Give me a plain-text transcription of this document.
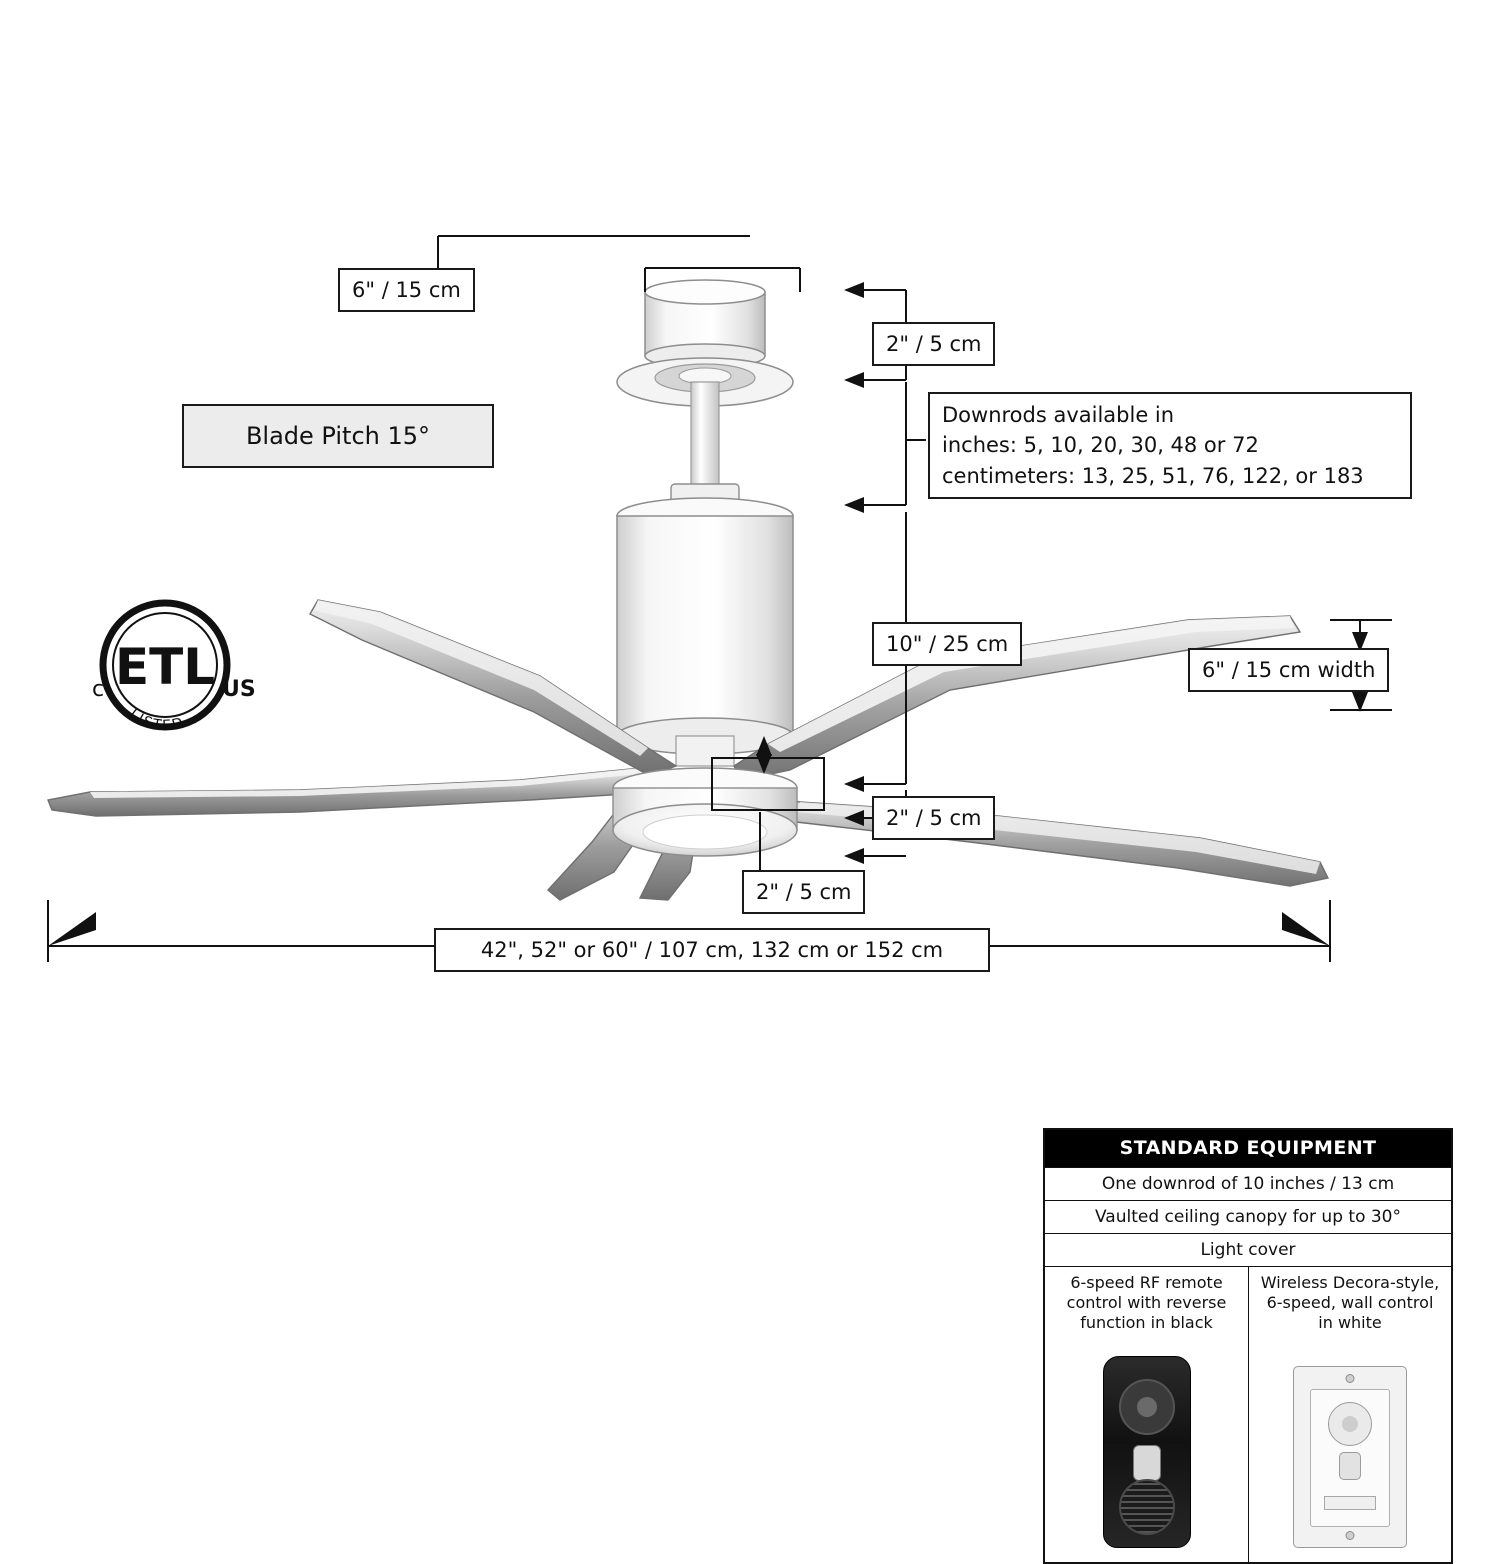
ETL
c	US
LISTED
6" / 15 cm
2" / 5 cm
Downrods available in
inches: 5, 10, 20, 30, 48 or 72
centimeters: 13, 25, 51, 76, 122, or 183
10" / 25 cm
6" / 15 cm width
2" / 5 cm
2" / 5 cm
42", 52" or 60" / 107 cm, 132 cm or 152 cm
Blade Pitch 15°
STANDARD EQUIPMENT
One downrod of 10 inches / 13 cm
Vaulted ceiling canopy for up to 30°
Light cover
6-speed RF remote
control with reverse
function in black
Wireless Decora-style,
6-speed, wall control
in white
